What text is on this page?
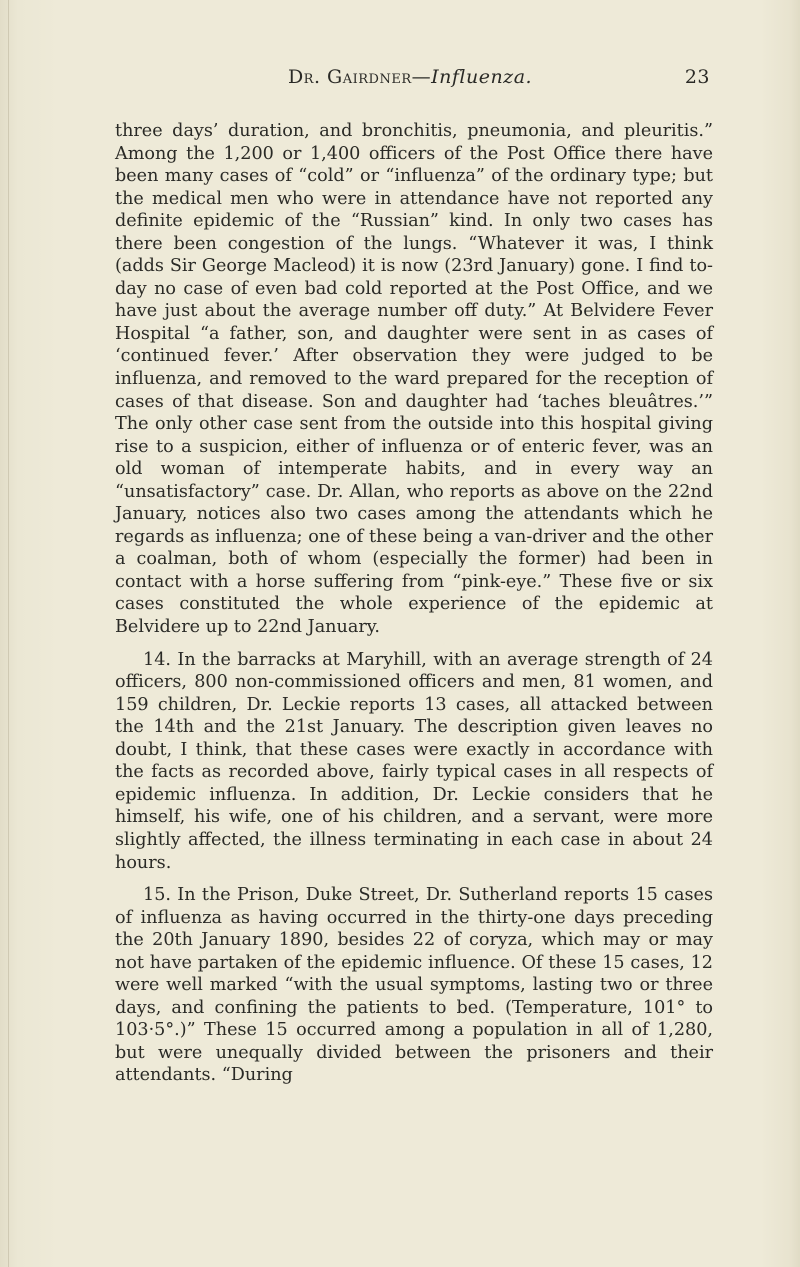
Dr. Gairdner—Influenza.	23

three days’ duration, and bronchitis, pneumonia, and pleuritis.” Among the 1,200 or 1,400 officers of the Post Office there have been many cases of “cold” or “influenza” of the ordinary type; but the medical men who were in attendance have not reported any definite epidemic of the “Russian” kind. In only two cases has there been congestion of the lungs. “Whatever it was, I think (adds Sir George Macleod) it is now (23rd January) gone. I find to-day no case of even bad cold reported at the Post Office, and we have just about the average number off duty.” At Belvidere Fever Hospital “a father, son, and daughter were sent in as cases of ‘continued fever.’ After observation they were judged to be influenza, and removed to the ward prepared for the reception of cases of that disease. Son and daughter had ‘taches bleuâtres.’” The only other case sent from the outside into this hospital giving rise to a suspicion, either of influenza or of enteric fever, was an old woman of intemperate habits, and in every way an “unsatisfactory” case. Dr. Allan, who reports as above on the 22nd January, notices also two cases among the attendants which he regards as influenza; one of these being a van-driver and the other a coalman, both of whom (especially the former) had been in contact with a horse suffering from “pink-eye.” These five or six cases constituted the whole experience of the epidemic at Belvidere up to 22nd January.

14. In the barracks at Maryhill, with an average strength of 24 officers, 800 non-commissioned officers and men, 81 women, and 159 children, Dr. Leckie reports 13 cases, all attacked between the 14th and the 21st January. The description given leaves no doubt, I think, that these cases were exactly in accordance with the facts as recorded above, fairly typical cases in all respects of epidemic influenza. In addition, Dr. Leckie considers that he himself, his wife, one of his children, and a servant, were more slightly affected, the illness terminating in each case in about 24 hours.

15. In the Prison, Duke Street, Dr. Sutherland reports 15 cases of influenza as having occurred in the thirty-one days preceding the 20th January 1890, besides 22 of coryza, which may or may not have partaken of the epidemic influence. Of these 15 cases, 12 were well marked “with the usual symptoms, lasting two or three days, and confining the patients to bed. (Temperature, 101° to 103·5°.)” These 15 occurred among a population in all of 1,280, but were unequally divided between the prisoners and their attendants. “During
